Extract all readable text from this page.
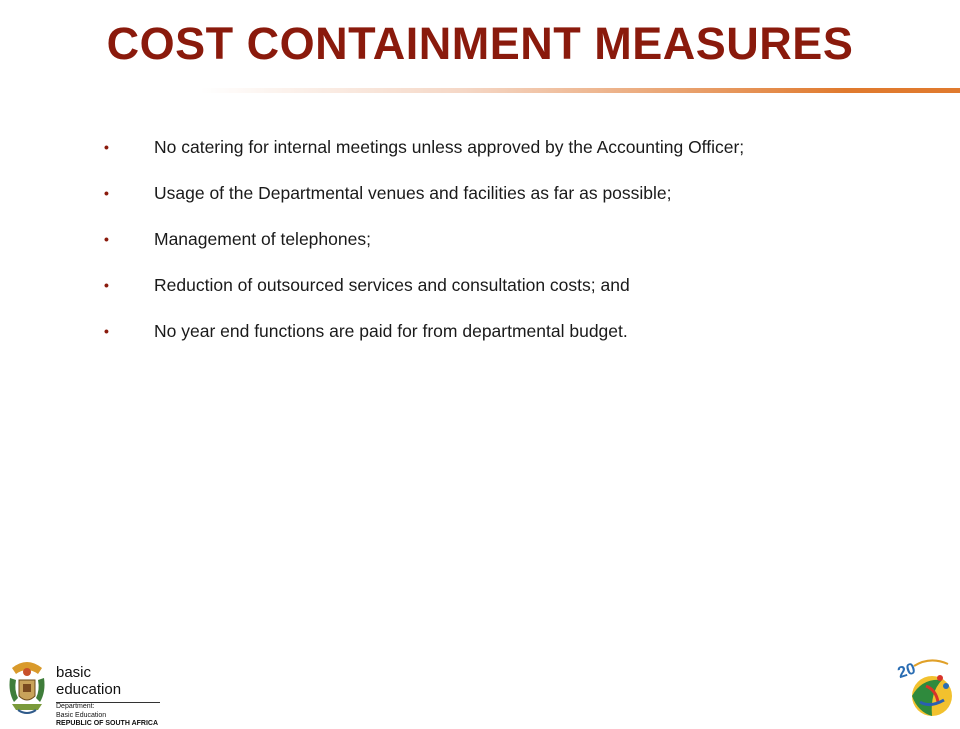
COST CONTAINMENT MEASURES
•	No catering for internal meetings unless approved by the Accounting Officer;
•	Usage of the Departmental venues and facilities as far as possible;
•	Management of telephones;
•	Reduction of outsourced services and consultation costs; and
•	No year end functions are paid for from departmental budget.
basic education
Department:
Basic Education
REPUBLIC OF SOUTH AFRICA
20
